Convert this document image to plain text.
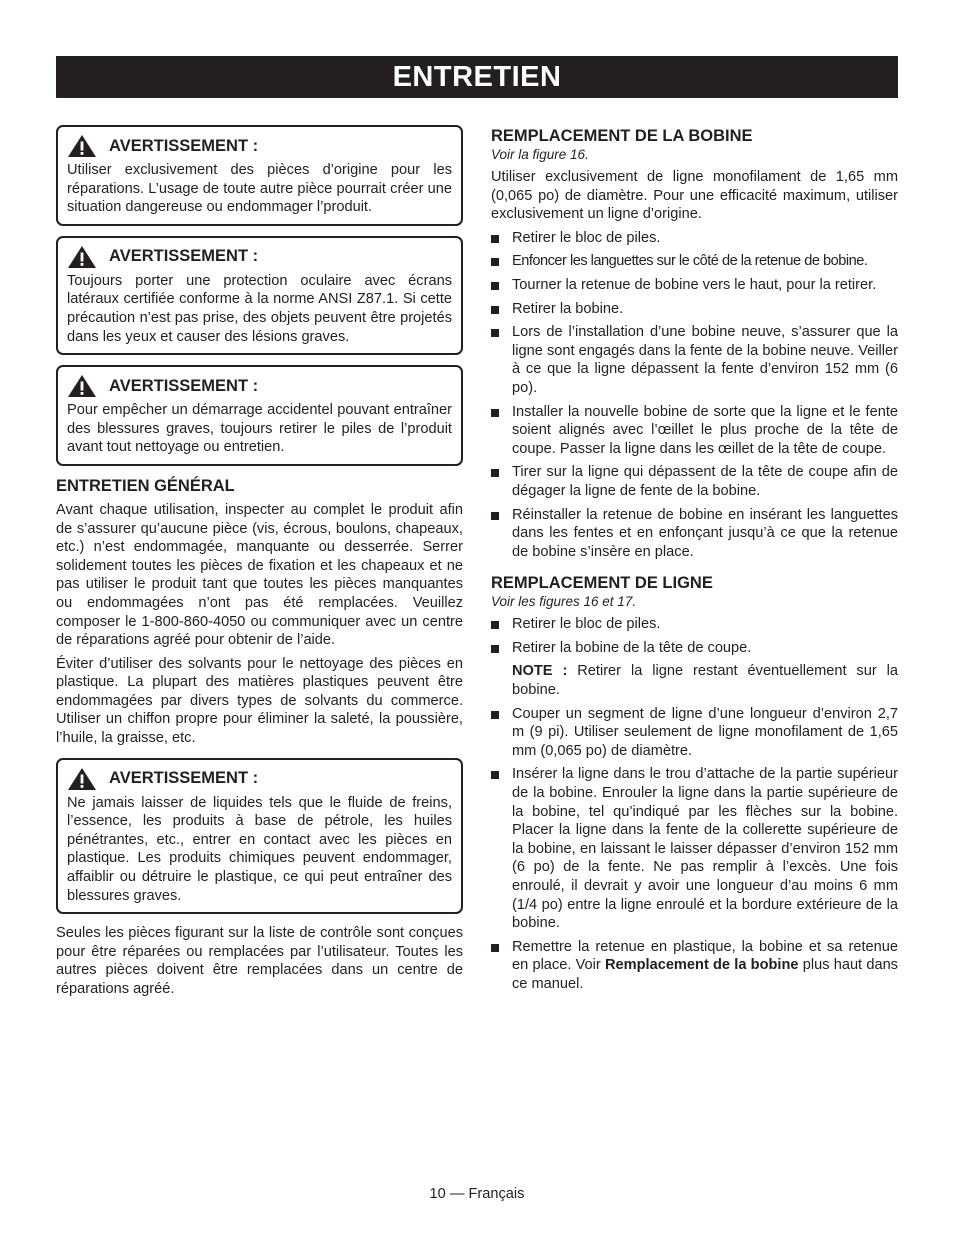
ENTRETIEN
AVERTISSEMENT :
Utiliser exclusivement des pièces d’origine pour les réparations. L’usage de toute autre pièce pourrait créer une situation dangereuse ou endommager l’produit.
AVERTISSEMENT :
Toujours porter une protection oculaire avec écrans latéraux certifiée conforme à la norme ANSI Z87.1. Si cette précaution n’est pas prise, des objets peuvent être projetés dans les yeux et causer des lésions graves.
AVERTISSEMENT :
Pour empêcher un démarrage accidentel pouvant entraîner des blessures graves, toujours retirer le piles de l’produit avant tout nettoyage ou entretien.
ENTRETIEN GÉNÉRAL

Avant chaque utilisation, inspecter au complet le produit afin de s’assurer qu’aucune pièce (vis, écrous, boulons, chapeaux, etc.) n’est endommagée, manquante ou desserrée. Serrer solidement toutes les pièces de fixation et les chapeaux et ne pas utiliser le produit tant que toutes les pièces manquantes ou endommagées n’ont pas été remplacées. Veuillez composer le 1-800-860-4050 ou communiquer avec un centre de réparations agréé pour obtenir de l’aide.

Éviter d’utiliser des solvants pour le nettoyage des pièces en plastique. La plupart des matières plastiques peuvent être endommagées par divers types de solvants du commerce. Utiliser un chiffon propre pour éliminer la saleté, la poussière, l’huile, la graisse, etc.

AVERTISSEMENT :
Ne jamais laisser de liquides tels que le fluide de freins, l’essence, les produits à base de pétrole, les huiles pénétrantes, etc., entrer en contact avec les pièces en plastique. Les produits chimiques peuvent endommager, affaiblir ou détruire le plastique, ce qui peut entraîner des blessures graves.

Seules les pièces figurant sur la liste de contrôle sont conçues pour être réparées ou remplacées par l’utilisateur. Toutes les autres pièces doivent être remplacées dans un centre de réparations agréé.

REMPLACEMENT DE LA BOBINE
Voir la figure 16.

Utiliser exclusivement de ligne monofilament de 1,65 mm (0,065 po) de diamètre. Pour une efficacité maximum, utiliser exclusivement un ligne d’origine.

Retirer le bloc de piles.
Enfoncer les languettes sur le côté de la retenue de bobine.
Tourner la retenue de bobine vers le haut, pour la retirer.
Retirer la bobine.
Lors de l’installation d’une bobine neuve, s’assurer que la ligne sont engagés dans la fente de la bobine neuve. Veiller à ce que la ligne dépassent la fente d’environ 152 mm (6 po).
Installer la nouvelle bobine de sorte que la ligne et le fente soient alignés avec l’œillet le plus proche de la tête de coupe. Passer la ligne dans les œillet de la tête de coupe.
Tirer sur la ligne qui dépassent de la tête de coupe afin de dégager la ligne de fente de la bobine.
Réinstaller la retenue de bobine en insérant les languettes dans les fentes et en enfonçant jusqu’à ce que la retenue de bobine s’insère en place.
REMPLACEMENT DE LIGNE
Voir les figures 16 et 17.
Retirer le bloc de piles.
Retirer la bobine de la tête de coupe.
NOTE : Retirer la ligne restant éventuellement sur la bobine.
Couper un segment de ligne d’une longueur d’environ 2,7 m (9 pi). Utiliser seulement de ligne monofilament de 1,65 mm (0,065 po) de diamètre.
Insérer la ligne dans le trou d’attache de la partie supérieur de la bobine. Enrouler la ligne dans la partie supérieure de la bobine, tel qu’indiqué par les flèches sur la bobine. Placer la ligne dans la fente de la collerette supérieure de la bobine, en laissant le laisser dépasser d’environ 152 mm (6 po) de la fente. Ne pas remplir à l’excès. Une fois enroulé, il devrait y avoir une longueur d’au moins 6 mm (1/4 po) entre la ligne enroulé et la bordure extérieure de la bobine.
Remettre la retenue en plastique, la bobine et sa retenue en place. Voir Remplacement de la bobine plus haut dans ce manuel.
10 — Français
